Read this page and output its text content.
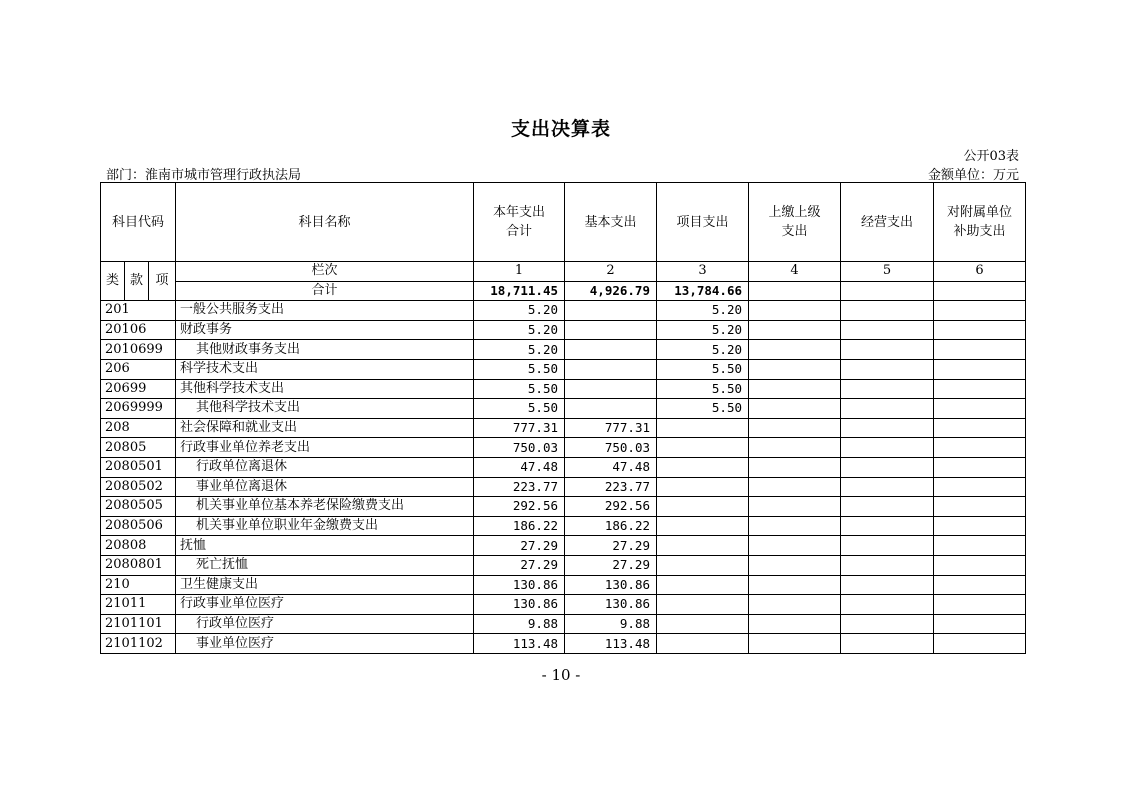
支出决算表
公开03表
部门：淮南市城市管理行政执法局	金额单位：万元
科目代码			科目名称	本年支出合计	基本支出	项目支出	上缴上级支出	经营支出	对附属单位补助支出
类	款	项	栏次	1	2	3	4	5	6
			合计	18,711.45	4,926.79	13,784.66			
201			一般公共服务支出	5.20		5.20			
20106			财政事务	5.20		5.20			
2010699			其他财政事务支出	5.20		5.20			
206			科学技术支出	5.50		5.50			
20699			其他科学技术支出	5.50		5.50			
2069999			其他科学技术支出	5.50		5.50			
208			社会保障和就业支出	777.31	777.31				
20805			行政事业单位养老支出	750.03	750.03				
2080501			行政单位离退休	47.48	47.48				
2080502			事业单位离退休	223.77	223.77				
2080505			机关事业单位基本养老保险缴费支出	292.56	292.56				
2080506			机关事业单位职业年金缴费支出	186.22	186.22				
20808			抚恤	27.29	27.29				
2080801			死亡抚恤	27.29	27.29				
210			卫生健康支出	130.86	130.86				
21011			行政事业单位医疗	130.86	130.86				
2101101			行政单位医疗	9.88	9.88				
2101102			事业单位医疗	113.48	113.48				
- 10 -
